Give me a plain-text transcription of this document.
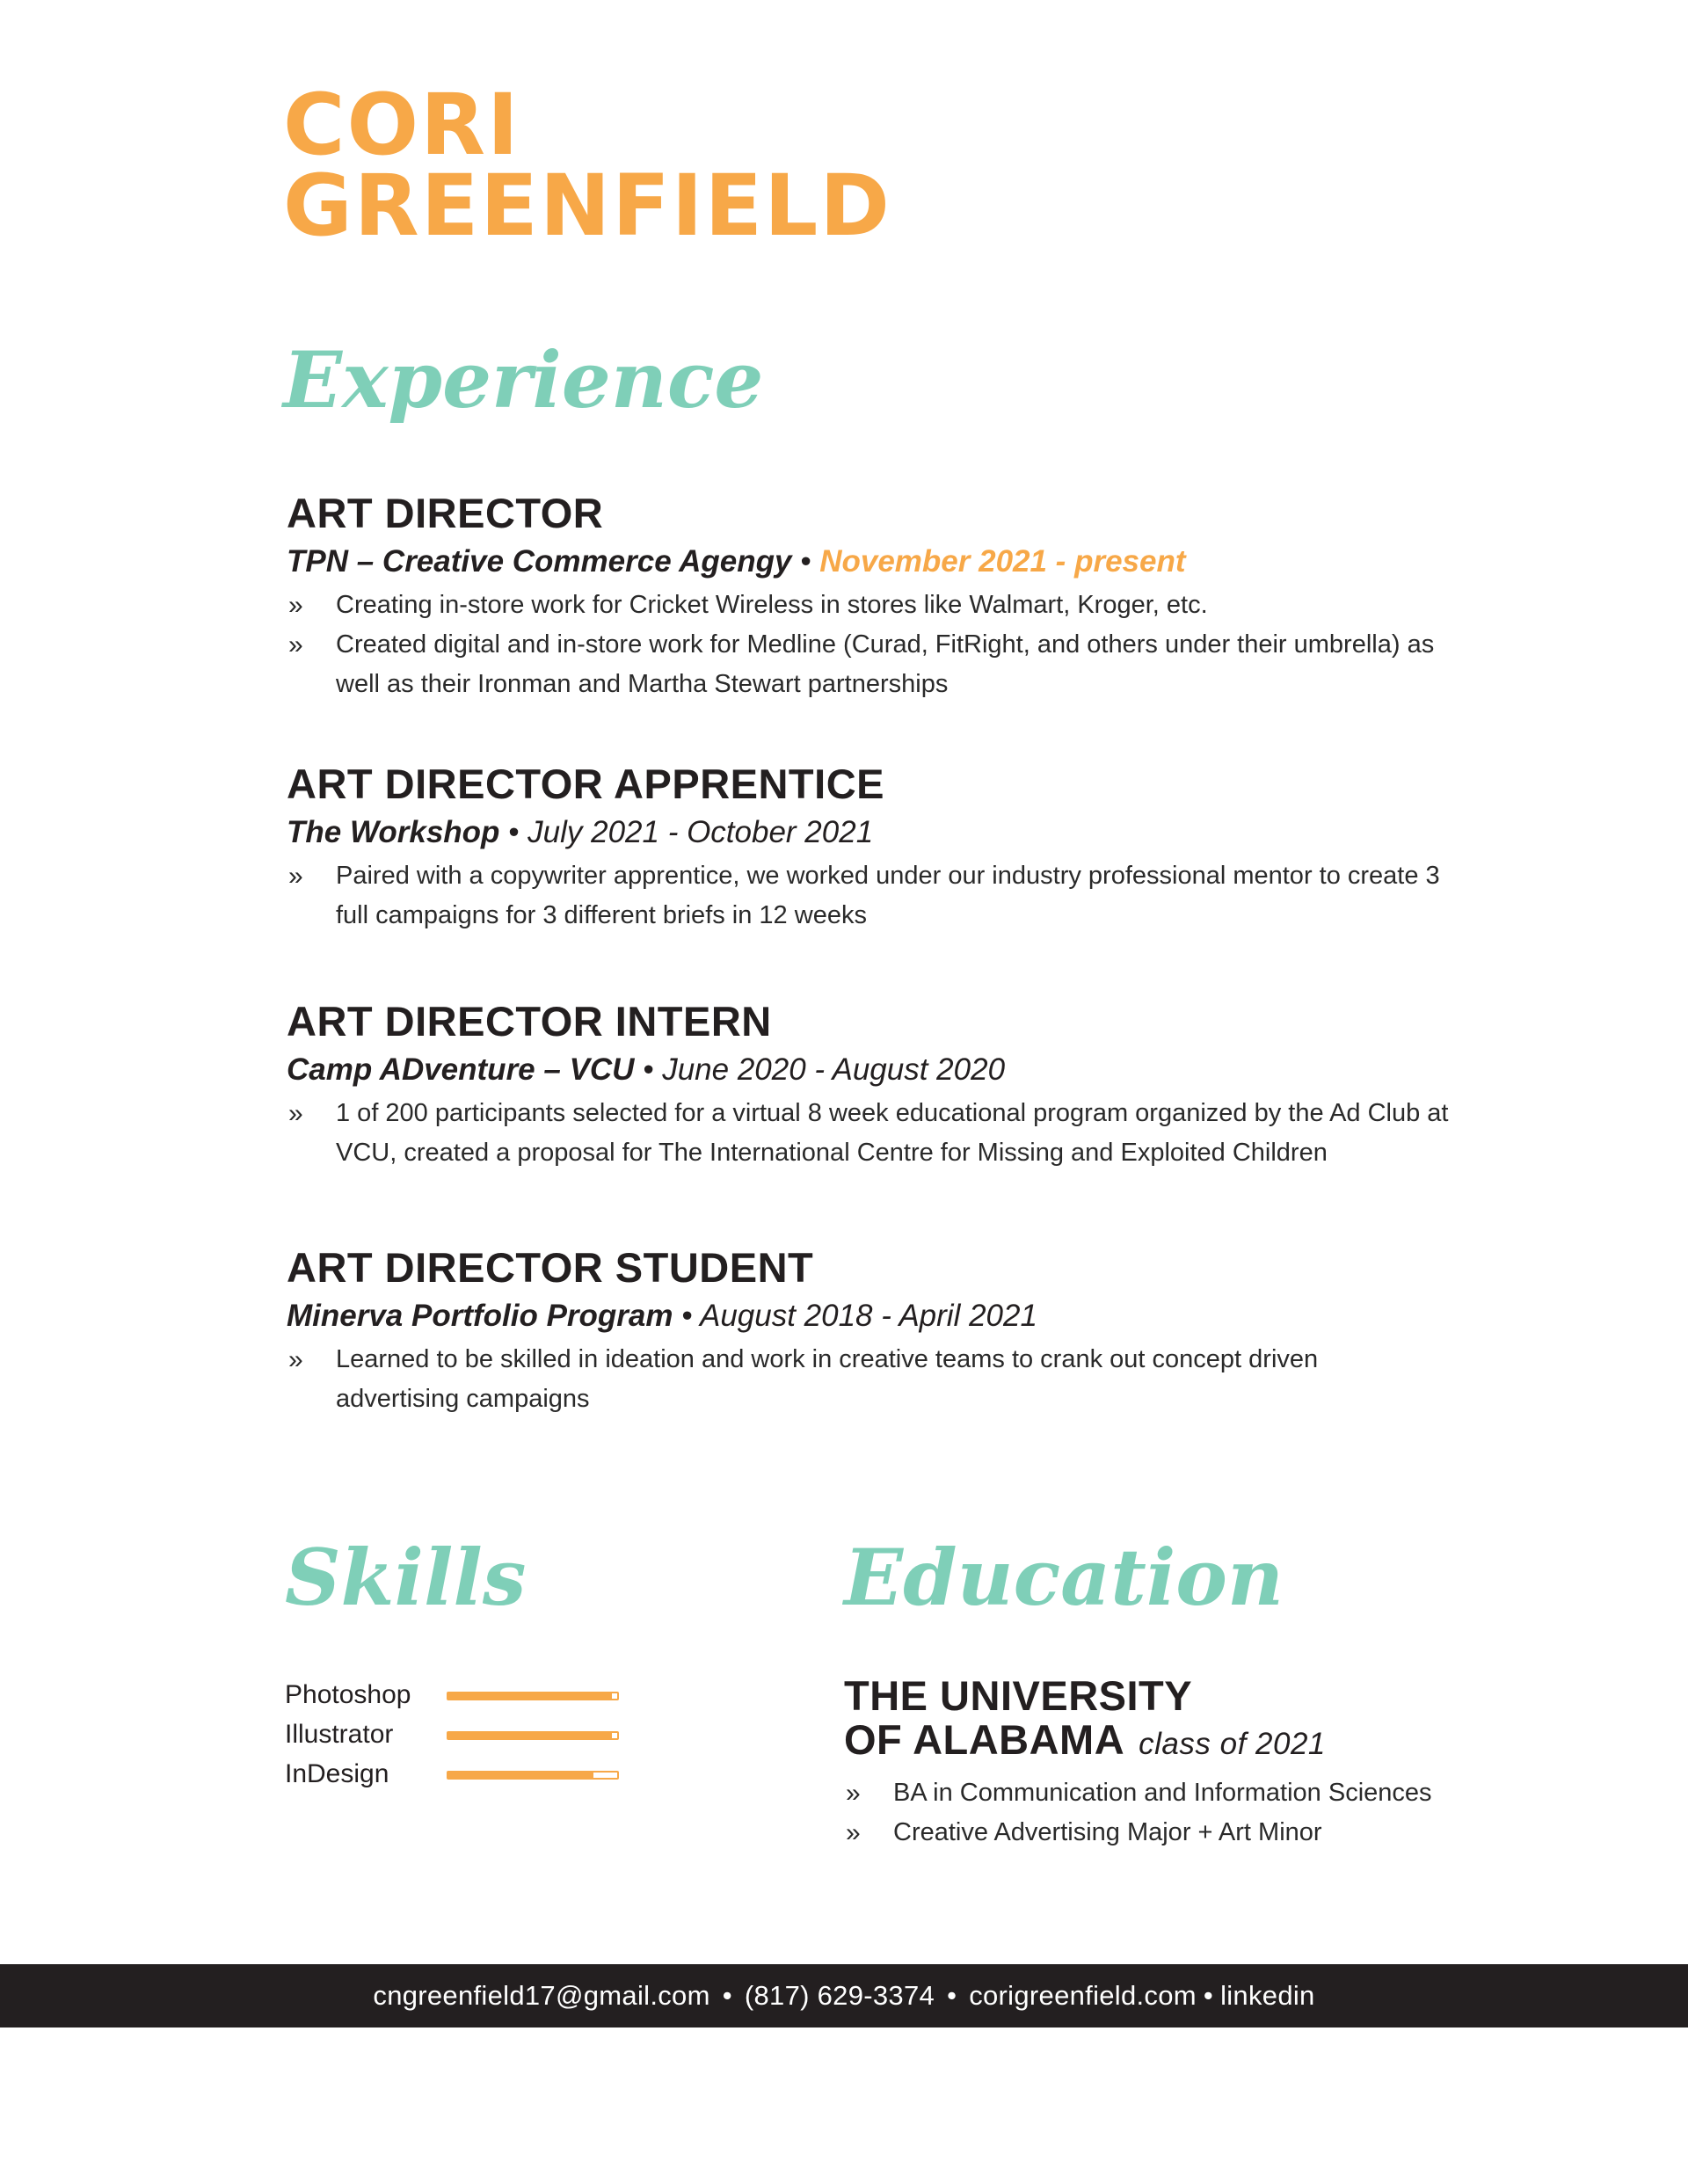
CORI
GREENFIELD
Experience
ART DIRECTOR
TPN – Creative Commerce Agengy • November 2021 - present
» Creating in-store work for Cricket Wireless in stores like Walmart, Kroger, etc.
» Created digital and in-store work for Medline (Curad, FitRight, and others under their umbrella) as well as their Ironman and Martha Stewart partnerships
ART DIRECTOR APPRENTICE
The Workshop • July 2021 - October 2021
» Paired with a copywriter apprentice, we worked under our industry professional mentor to create 3 full campaigns for 3 different briefs in 12 weeks
ART DIRECTOR INTERN
Camp ADventure – VCU • June 2020 - August 2020
» 1 of 200 participants selected for a virtual 8 week educational program organized by the Ad Club at VCU, created a proposal for The International Centre for Missing and Exploited Children
ART DIRECTOR STUDENT
Minerva Portfolio Program • August 2018 - April 2021
» Learned to be skilled in ideation and work in creative teams to crank out concept driven advertising campaigns
Skills
Photoshop
Illustrator
InDesign
Education
THE UNIVERSITY
OF ALABAMA class of 2021
» BA in Communication and Information Sciences
» Creative Advertising Major + Art Minor
cngreenfield17@gmail.com • (817) 629-3374 • corigreenfield.com • linkedin
